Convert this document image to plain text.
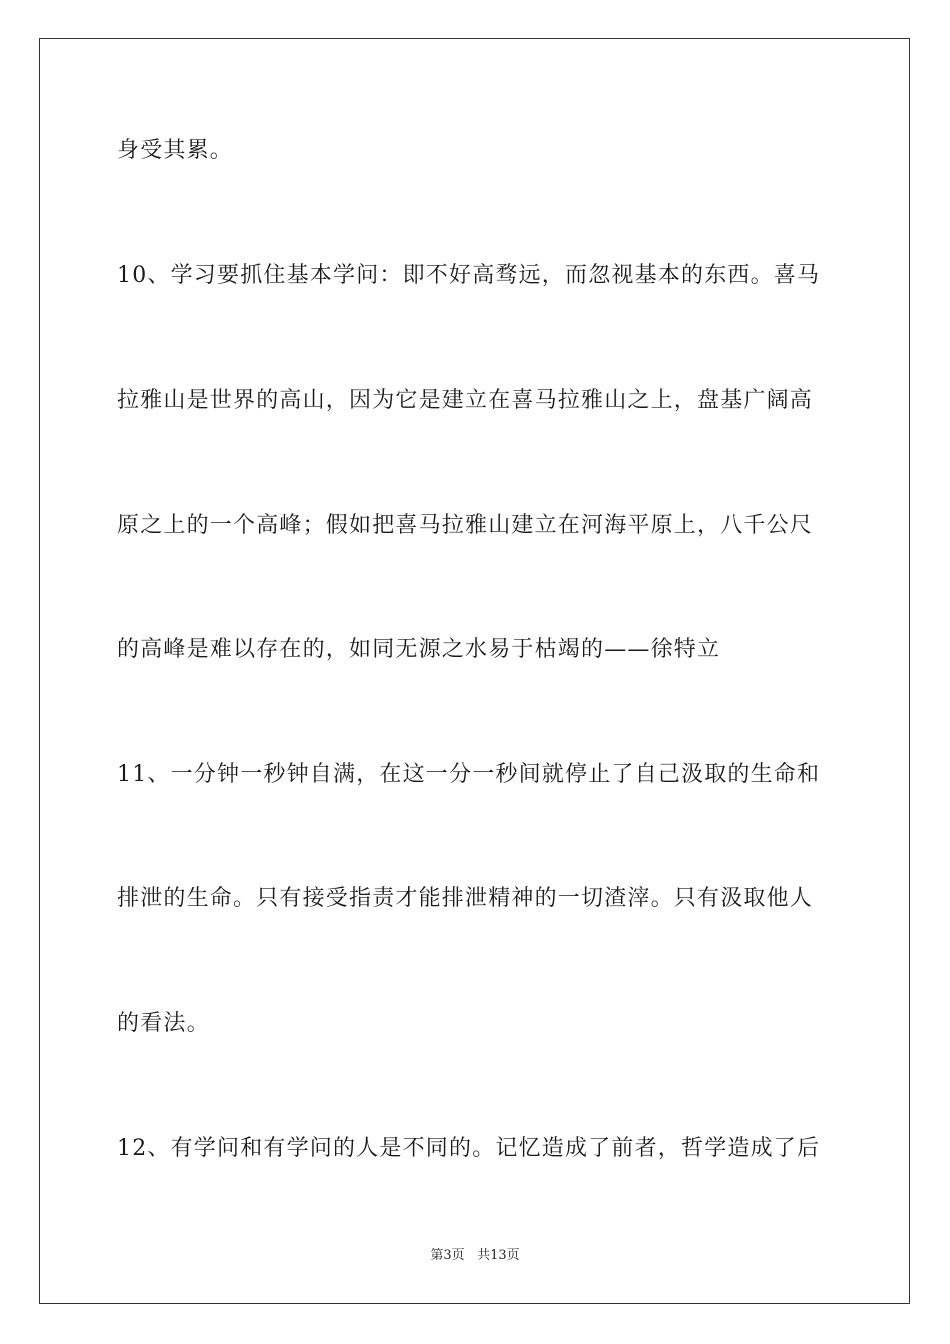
身受其累。
10、学习要抓住基本学问：即不好高骛远，而忽视基本的东西。喜马
拉雅山是世界的高山，因为它是建立在喜马拉雅山之上，盘基广阔高
原之上的一个高峰；假如把喜马拉雅山建立在河海平原上，八千公尺
的高峰是难以存在的，如同无源之水易于枯竭的——徐特立
11、一分钟一秒钟自满，在这一分一秒间就停止了自己汲取的生命和
排泄的生命。只有接受指责才能排泄精神的一切渣滓。只有汲取他人
的看法。
12、有学问和有学问的人是不同的。记忆造成了前者，哲学造成了后
第3页 共13页
